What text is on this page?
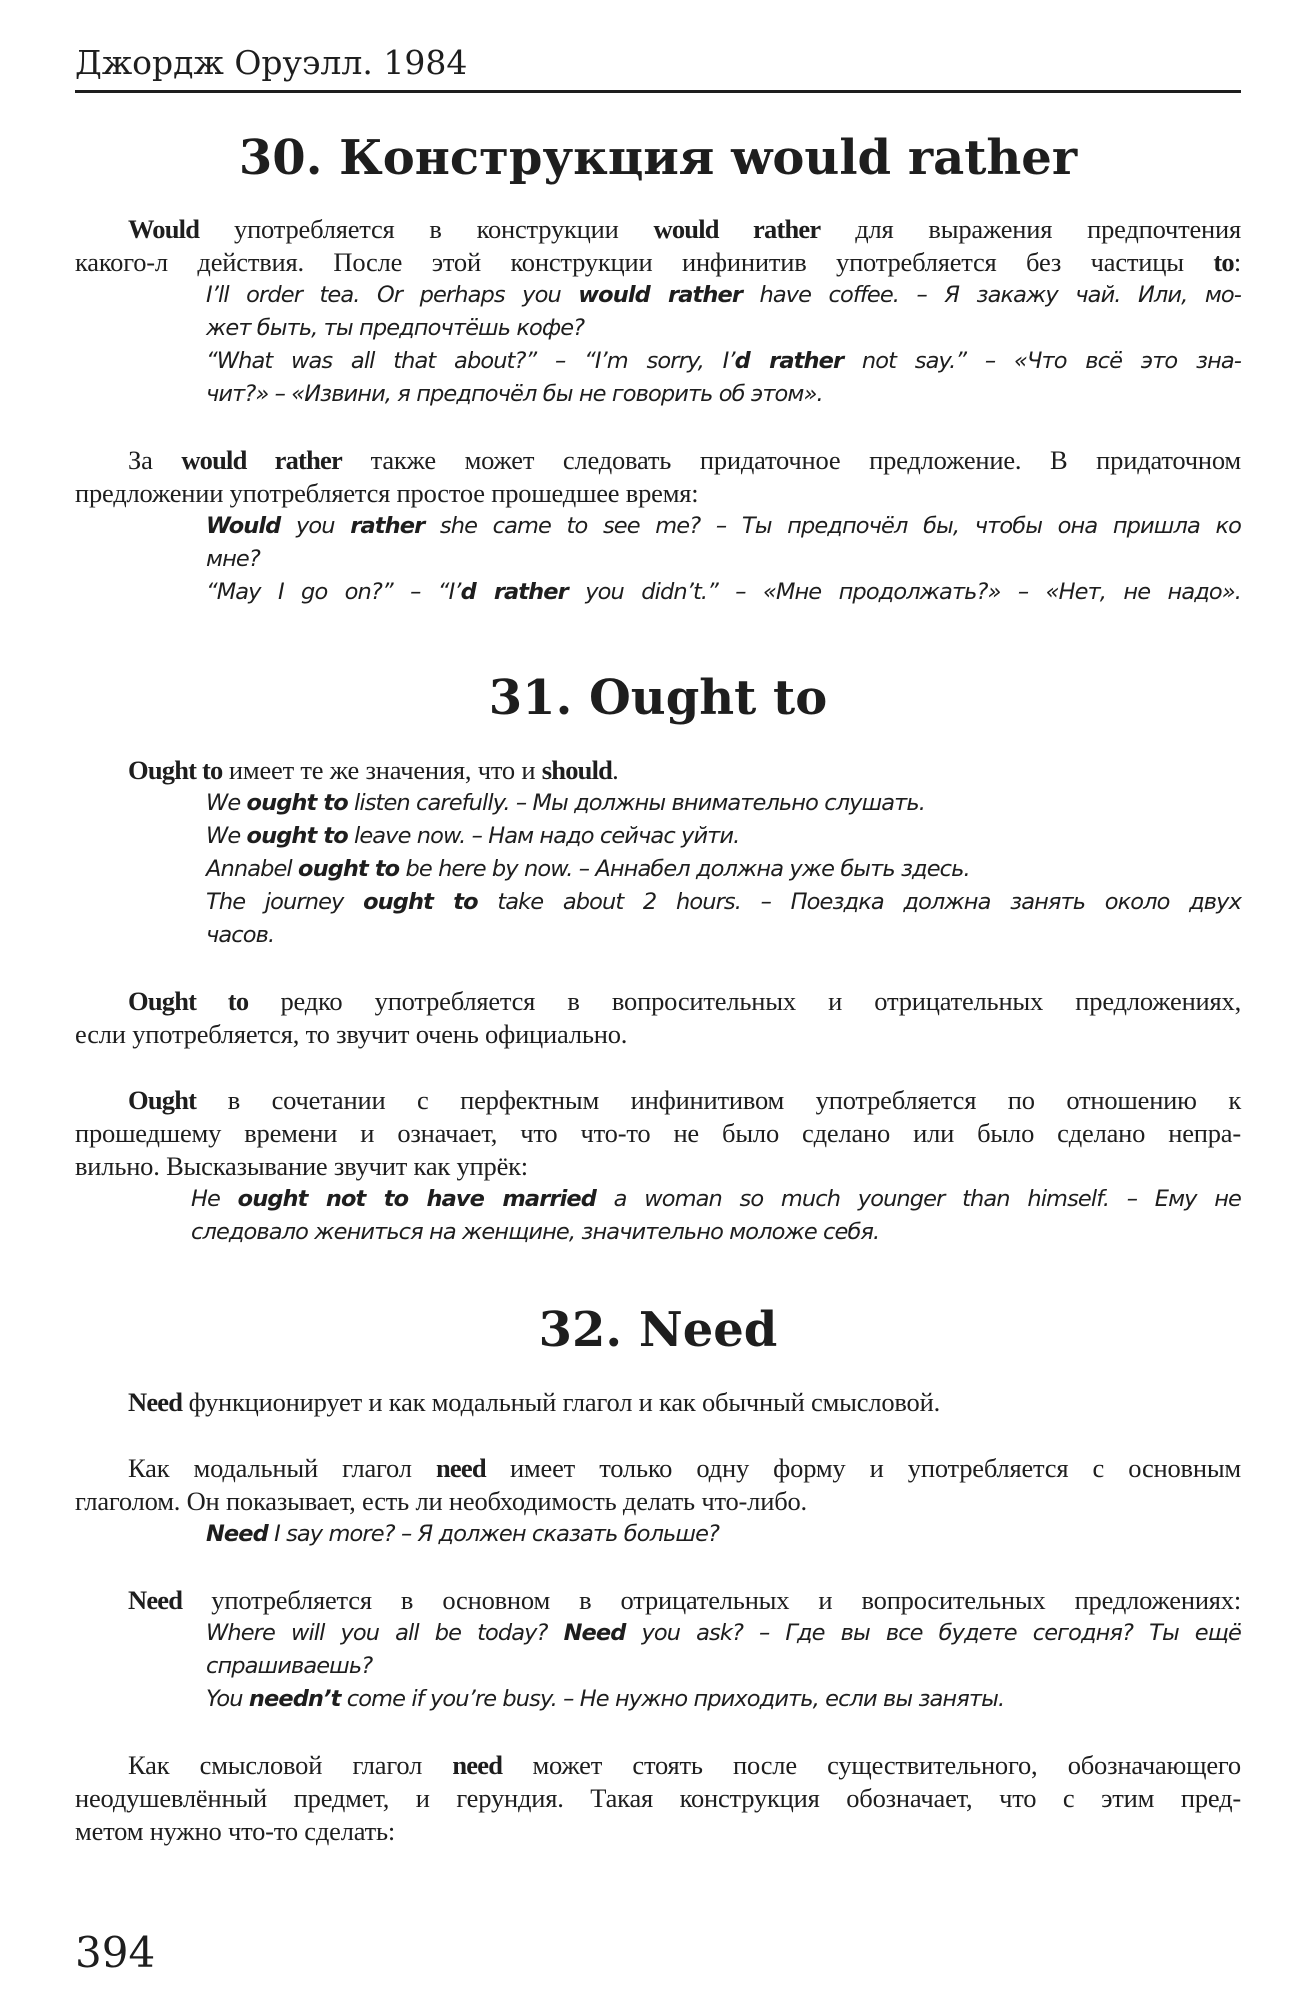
Джордж Оруэлл. 1984
30. Конструкция would rather
Would употребляется в конструкции would rather для выражения предпочтения
какого-л действия. После этой конструкции инфинитив употребляется без частицы to:
I’ll order tea. Or perhaps you would rather have coffee. – Я закажу чай. Или, мо-
жет быть, ты предпочтёшь кофе?
“What was all that about?” – “I’m sorry, I’d rather not say.” – «Что всё это зна-
чит?» – «Извини, я предпочёл бы не говорить об этом».
За would rather также может следовать придаточное предложение. В придаточном
предложении употребляется простое прошедшее время:
Would you rather she came to see me? – Ты предпочёл бы, чтобы она пришла ко
мне?
“May I go on?” – “I’d rather you didn’t.” – «Мне продолжать?» – «Нет, не надо».
31. Ought to
Ought to имеет те же значения, что и should.
We ought to listen carefully. – Мы должны внимательно слушать.
We ought to leave now. – Нам надо сейчас уйти.
Annabel ought to be here by now. – Аннабел должна уже быть здесь.
The journey ought to take about 2 hours. – Поездка должна занять около двух
часов.
Ought to редко употребляется в вопросительных и отрицательных предложениях,
если употребляется, то звучит очень официально.
Ought в сочетании с перфектным инфинитивом употребляется по отношению к
прошедшему времени и означает, что что-то не было сделано или было сделано непра-
вильно. Высказывание звучит как упрёк:
He ought not to have married a woman so much younger than himself. – Ему не
следовало жениться на женщине, значительно моложе себя.
32. Need
Need функционирует и как модальный глагол и как обычный смысловой.
Как модальный глагол need имеет только одну форму и употребляется с основным
глаголом. Он показывает, есть ли необходимость делать что-либо.
Need I say more? – Я должен сказать больше?
Need употребляется в основном в отрицательных и вопросительных предложениях:
Where will you all be today? Need you ask? – Где вы все будете сегодня? Ты ещё
спрашиваешь?
You needn’t come if you’re busy. – Не нужно приходить, если вы заняты.
Как смысловой глагол need может стоять после существительного, обозначающего
неодушевлённый предмет, и герундия. Такая конструкция обозначает, что с этим пред-
метом нужно что-то сделать:
394
